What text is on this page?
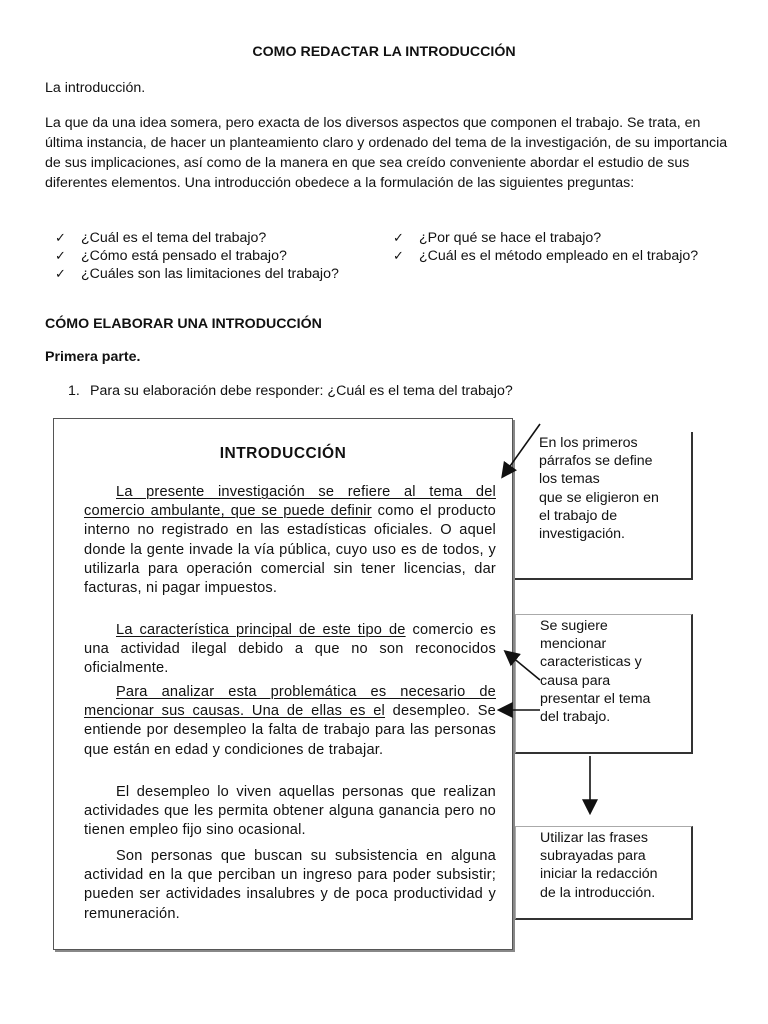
COMO REDACTAR LA INTRODUCCIÓN
La introducción.
La que da una idea somera, pero exacta de los diversos aspectos que componen el trabajo. Se trata, en última instancia, de hacer un planteamiento claro y ordenado del tema de la investigación, de su importancia de sus implicaciones, así como de la manera en que sea creído conveniente abordar el estudio de sus diferentes elementos. Una introducción obedece a la formulación de las siguientes preguntas:
✓ ¿Cuál es el tema del trabajo?
✓ ¿Cómo está pensado el trabajo?
✓ ¿Cuáles son las limitaciones del trabajo?
✓ ¿Por qué se hace el trabajo?
✓ ¿Cuál es el método empleado en el trabajo?
CÓMO ELABORAR UNA INTRODUCCIÓN
Primera parte.
1. Para su elaboración debe responder: ¿Cuál es el tema del trabajo?
INTRODUCCIÓN
La presente investigación se refiere al tema del comercio ambulante, que se puede definir como el producto interno no registrado en las estadísticas oficiales. O aquel donde la gente invade la vía pública, cuyo uso es de todos, y utilizarla para operación comercial sin tener licencias, dar facturas, ni pagar impuestos.
La característica principal de este tipo de comercio es una actividad ilegal debido a que no son reconocidos oficialmente.
Para analizar esta problemática es necesario de mencionar sus causas. Una de ellas es el desempleo. Se entiende por desempleo la falta de trabajo para las personas que están en edad y condiciones de trabajar.
El desempleo lo viven aquellas personas que realizan actividades que les permita obtener alguna ganancia pero no tienen empleo fijo sino ocasional.
Son personas que buscan su subsistencia en alguna actividad en la que perciban un ingreso para poder subsistir; pueden ser actividades insalubres y de poca productividad y remuneración.
En los primeros
párrafos se define
los temas
que se eligieron en
el trabajo de
investigación.
Se sugiere
mencionar
caracteristicas y
causa para
presentar el tema
del trabajo.
Utilizar las frases
subrayadas para
iniciar la redacción
de la introducción.
